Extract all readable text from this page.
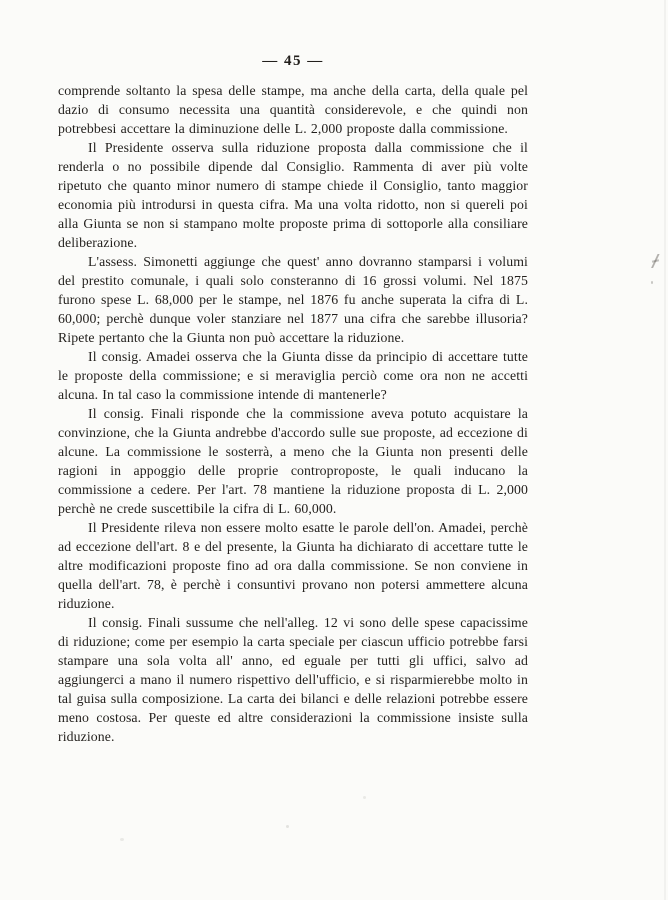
— 45 —

comprende soltanto la spesa delle stampe, ma anche della carta, della quale pel dazio di consumo necessita una quantità considerevole, e che quindi non potrebbesi accettare la diminuzione delle L. 2,000 proposte dalla commissione.

Il Presidente osserva sulla riduzione proposta dalla commissione che il renderla o no possibile dipende dal Consiglio. Rammenta di aver più volte ripetuto che quanto minor numero di stampe chiede il Consiglio, tanto maggior economia più introdursi in questa cifra. Ma una volta ridotto, non si quereli poi alla Giunta se non si stampano molte proposte prima di sottoporle alla consiliare deliberazione.

L'assess. Simonetti aggiunge che quest' anno dovranno stamparsi i volumi del prestito comunale, i quali solo consteranno di 16 grossi volumi. Nel 1875 furono spese L. 68,000 per le stampe, nel 1876 fu anche superata la cifra di L. 60,000; perchè dunque voler stanziare nel 1877 una cifra che sarebbe illusoria? Ripete pertanto che la Giunta non può accettare la riduzione.

Il consig. Amadei osserva che la Giunta disse da principio di accettare tutte le proposte della commissione; e si meraviglia perciò come ora non ne accetti alcuna. In tal caso la commissione intende di mantenerle?

Il consig. Finali risponde che la commissione aveva potuto acquistare la convinzione, che la Giunta andrebbe d'accordo sulle sue proposte, ad eccezione di alcune. La commissione le sosterrà, a meno che la Giunta non presenti delle ragioni in appoggio delle proprie controproposte, le quali inducano la commissione a cedere. Per l'art. 78 mantiene la riduzione proposta di L. 2,000 perchè ne crede suscettibile la cifra di L. 60,000.

Il Presidente rileva non essere molto esatte le parole dell'on. Amadei, perchè ad eccezione dell'art. 8 e del presente, la Giunta ha dichiarato di accettare tutte le altre modificazioni proposte fino ad ora dalla commissione. Se non conviene in quella dell'art. 78, è perchè i consuntivi provano non potersi ammettere alcuna riduzione.

Il consig. Finali sussume che nell'alleg. 12 vi sono delle spese capacissime di riduzione; come per esempio la carta speciale per ciascun ufficio potrebbe farsi stampare una sola volta all' anno, ed eguale per tutti gli uffici, salvo ad aggiungerci a mano il numero rispettivo dell'ufficio, e si risparmierebbe molto in tal guisa sulla composizione. La carta dei bilanci e delle relazioni potrebbe essere meno costosa. Per queste ed altre considerazioni la commissione insiste sulla riduzione.
